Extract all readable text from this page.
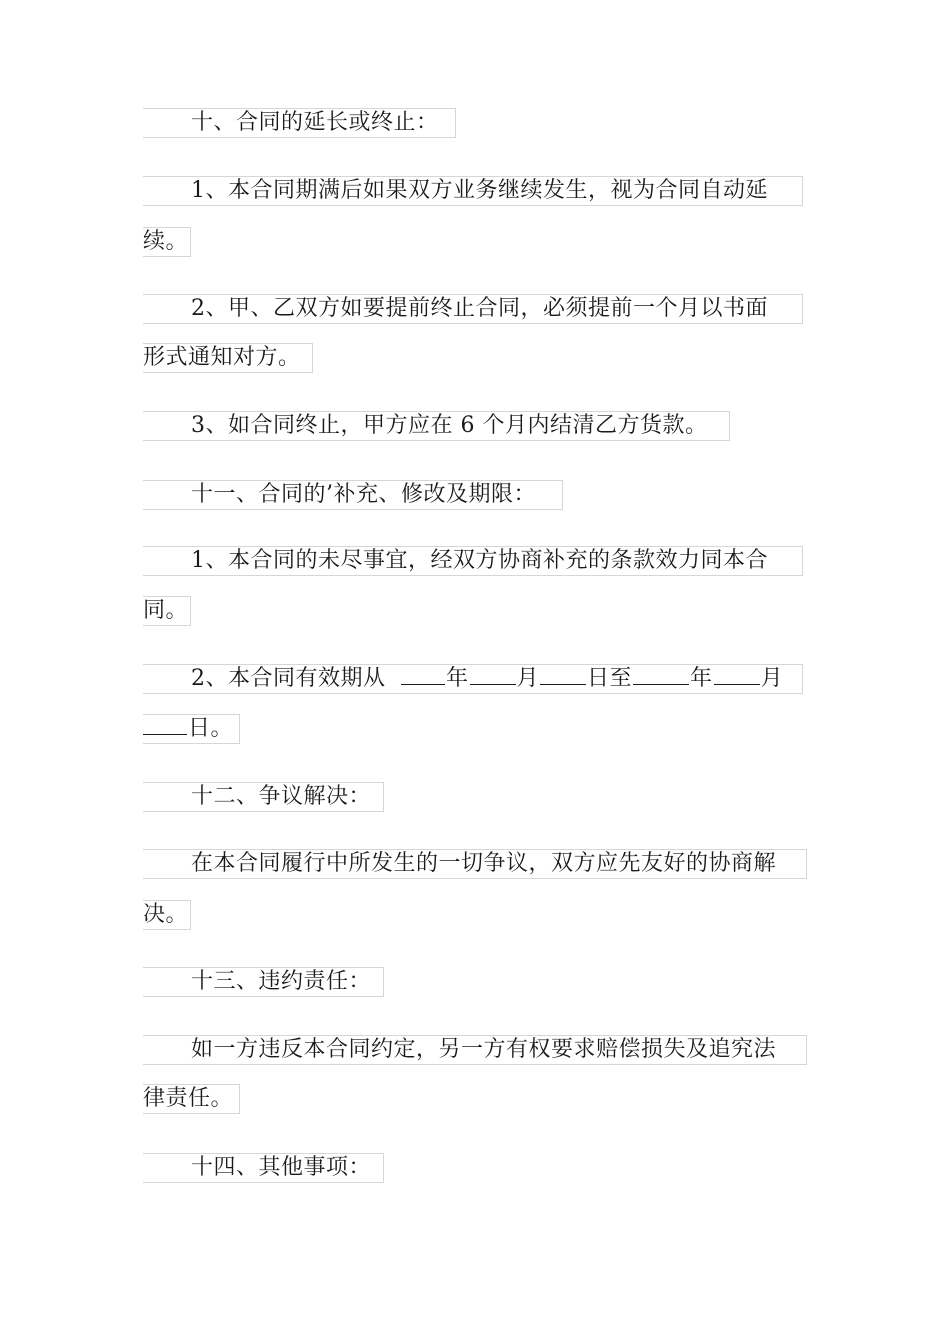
十、合同的延长或终止：
1、本合同期满后如果双方业务继续发生，视为合同自动延
续。
2、甲、乙双方如要提前终止合同，必须提前一个月以书面
形式通知对方。
3、如合同终止，甲方应在 6 个月内结清乙方货款。
十一、合同的’补充、修改及期限：
1、本合同的未尽事宜，经双方协商补充的条款效力同本合
同。
2、本合同有效期从	年 月 日至	年 月
日。
十二、争议解决：
在本合同履行中所发生的一切争议，双方应先友好的协商解
决。
十三、违约责任：
如一方违反本合同约定，另一方有权要求赔偿损失及追究法
律责任。
十四、其他事项：
